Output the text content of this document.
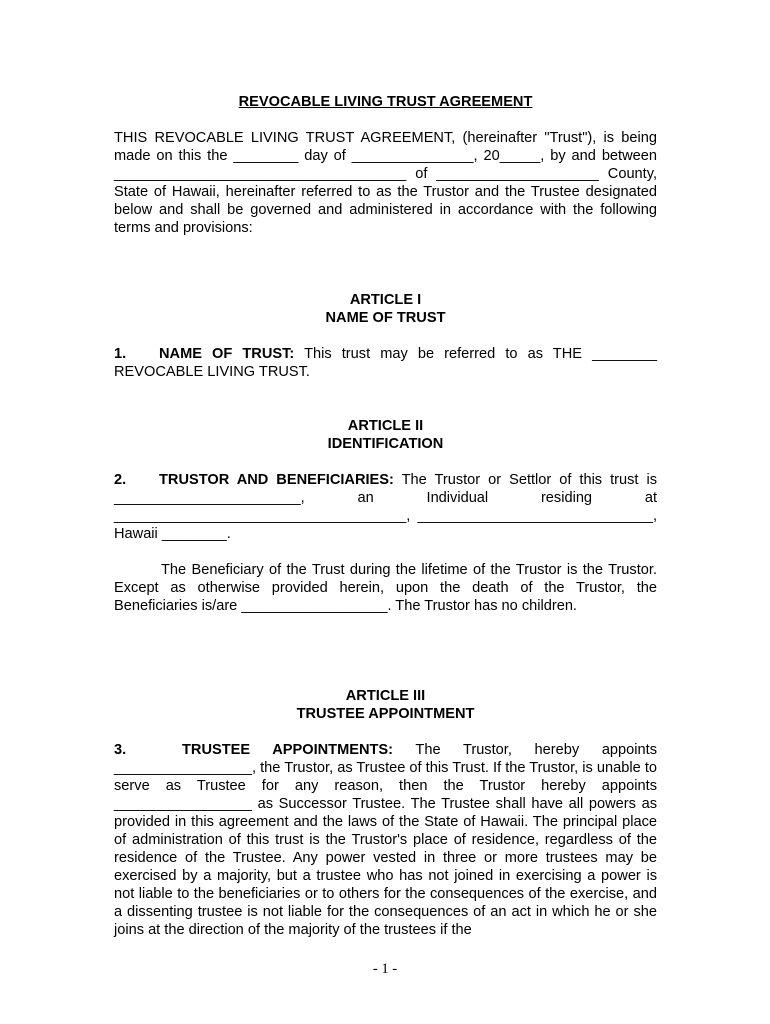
REVOCABLE LIVING TRUST AGREEMENT

THIS REVOCABLE LIVING TRUST AGREEMENT, (hereinafter "Trust"), is being made on this the ________ day of _______________, 20_____, by and between ____________________________________ of ____________________ County, State of Hawaii, hereinafter referred to as the Trustor and the Trustee designated below and shall be governed and administered in accordance with the following terms and provisions:

ARTICLE I
NAME OF TRUST

1. NAME OF TRUST: This trust may be referred to as THE ________ REVOCABLE LIVING TRUST.

ARTICLE II
IDENTIFICATION

2. TRUSTOR AND BENEFICIARIES: The Trustor or Settlor of this trust is _______________________, an Individual residing at ____________________________________, _____________________________, Hawaii ________.

The Beneficiary of the Trust during the lifetime of the Trustor is the Trustor. Except as otherwise provided herein, upon the death of the Trustor, the Beneficiaries is/are __________________. The Trustor has no children.

ARTICLE III
TRUSTEE APPOINTMENT

3.	TRUSTEE APPOINTMENTS: The Trustor, hereby appoints _________________, the Trustor, as Trustee of this Trust. If the Trustor, is unable to serve as Trustee for any reason, then the Trustor hereby appoints _________________ as Successor Trustee. The Trustee shall have all powers as provided in this agreement and the laws of the State of Hawaii. The principal place of administration of this trust is the Trustor's place of residence, regardless of the residence of the Trustee. Any power vested in three or more trustees may be exercised by a majority, but a trustee who has not joined in exercising a power is not liable to the beneficiaries or to others for the consequences of the exercise, and a dissenting trustee is not liable for the consequences of an act in which he or she joins at the direction of the majority of the trustees if the

- 1 -
